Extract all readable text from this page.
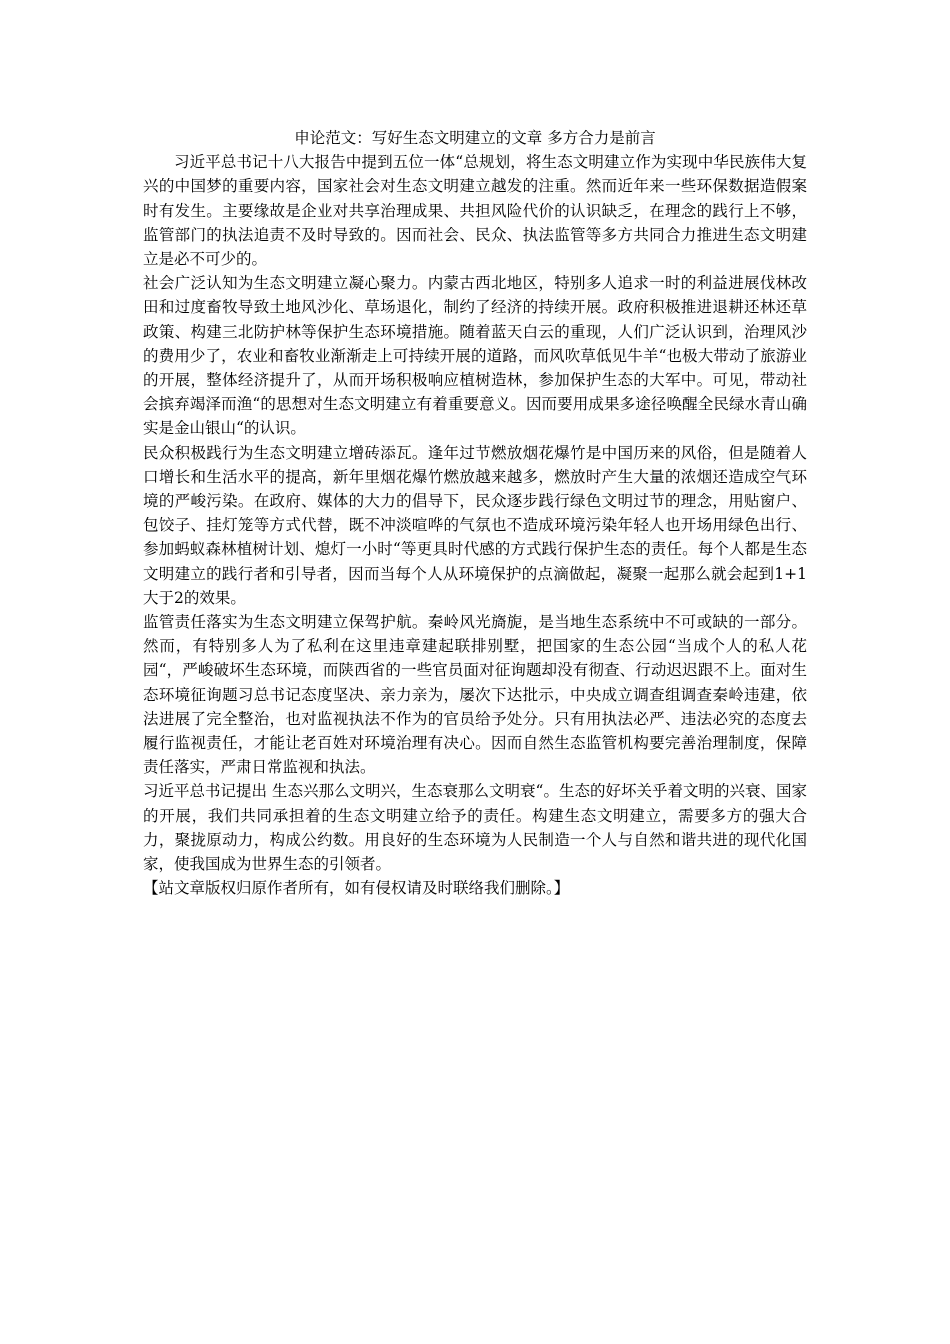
申论范文：写好生态文明建立的文章 多方合力是前言

习近平总书记十八大报告中提到五位一体“总规划，将生态文明建立作为实现中华民族伟大复兴的中国梦的重要内容，国家社会对生态文明建立越发的注重。然而近年来一些环保数据造假案时有发生。主要缘故是企业对共享治理成果、共担风险代价的认识缺乏，在理念的践行上不够，监管部门的执法追责不及时导致的。因而社会、民众、执法监管等多方共同合力推进生态文明建立是必不可少的。

社会广泛认知为生态文明建立凝心聚力。内蒙古西北地区，特别多人追求一时的利益进展伐林改田和过度畜牧导致土地风沙化、草场退化，制约了经济的持续开展。政府积极推进退耕还林还草政策、构建三北防护林等保护生态环境措施。随着蓝天白云的重现，人们广泛认识到，治理风沙的费用少了，农业和畜牧业渐渐走上可持续开展的道路，而风吹草低见牛羊“也极大带动了旅游业的开展，整体经济提升了，从而开场积极响应植树造林，参加保护生态的大军中。可见，带动社会摈弃竭泽而渔“的思想对生态文明建立有着重要意义。因而要用成果多途径唤醒全民绿水青山确实是金山银山“的认识。

民众积极践行为生态文明建立增砖添瓦。逢年过节燃放烟花爆竹是中国历来的风俗，但是随着人口增长和生活水平的提高，新年里烟花爆竹燃放越来越多，燃放时产生大量的浓烟还造成空气环境的严峻污染。在政府、媒体的大力的倡导下，民众逐步践行绿色文明过节的理念，用贴窗户、包饺子、挂灯笼等方式代替，既不冲淡喧哗的气氛也不造成环境污染年轻人也开场用绿色出行、参加蚂蚁森林植树计划、熄灯一小时“等更具时代感的方式践行保护生态的责任。每个人都是生态文明建立的践行者和引导者，因而当每个人从环境保护的点滴做起，凝聚一起那么就会起到1+1大于2的效果。

监管责任落实为生态文明建立保驾护航。秦岭风光旖旎，是当地生态系统中不可或缺的一部分。然而，有特别多人为了私利在这里违章建起联排别墅，把国家的生态公园“当成个人的私人花园“，严峻破坏生态环境，而陕西省的一些官员面对征询题却没有彻查、行动迟迟跟不上。面对生态环境征询题习总书记态度坚决、亲力亲为，屡次下达批示，中央成立调查组调查秦岭违建，依法进展了完全整治，也对监视执法不作为的官员给予处分。只有用执法必严、违法必究的态度去履行监视责任，才能让老百姓对环境治理有决心。因而自然生态监管机构要完善治理制度，保障责任落实，严肃日常监视和执法。

习近平总书记提出 生态兴那么文明兴，生态衰那么文明衰“。生态的好坏关乎着文明的兴衰、国家的开展，我们共同承担着的生态文明建立给予的责任。构建生态文明建立，需要多方的强大合力，聚拢原动力，构成公约数。用良好的生态环境为人民制造一个人与自然和谐共进的现代化国家，使我国成为世界生态的引领者。

【站文章版权归原作者所有，如有侵权请及时联络我们删除。】
